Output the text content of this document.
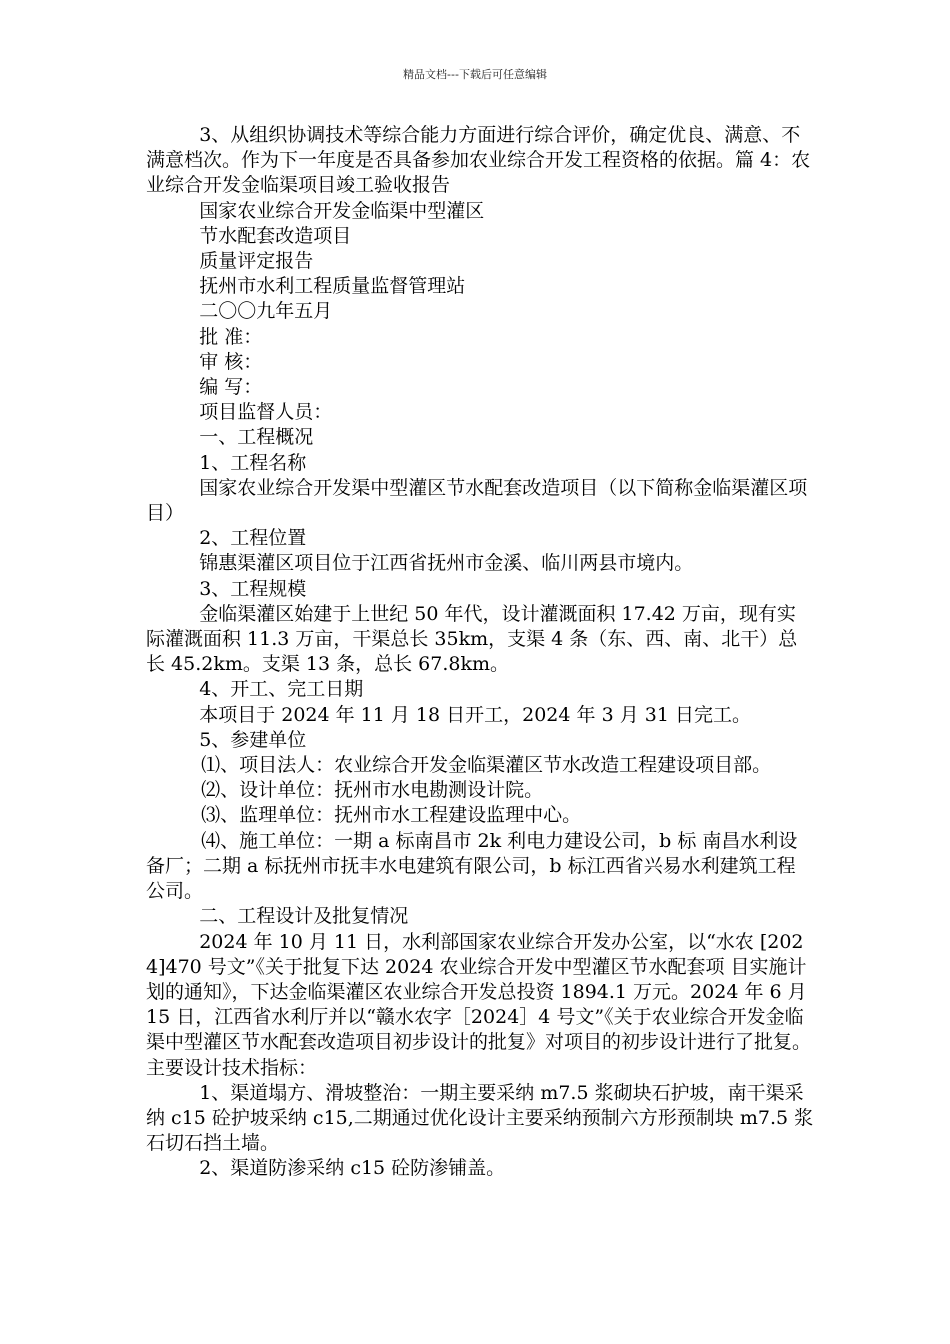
精品文档---下载后可任意编辑

3、从组织协调技术等综合能力方面进行综合评价，确定优良、满意、不满意档次。作为下一年度是否具备参加农业综合开发工程资格的依据。篇 4：农业综合开发金临渠项目竣工验收报告

国家农业综合开发金临渠中型灌区

节水配套改造项目

质量评定报告

抚州市水利工程质量监督管理站

二〇〇九年五月

批 准：

审 核：

编 写：

项目监督人员：

一、工程概况

1、工程名称

国家农业综合开发渠中型灌区节水配套改造项目（以下简称金临渠灌区项目）

2、工程位置

锦惠渠灌区项目位于江西省抚州市金溪、临川两县市境内。

3、工程规模

金临渠灌区始建于上世纪 50 年代，设计灌溉面积 17.42 万亩，现有实际灌溉面积 11.3 万亩，干渠总长 35km，支渠 4 条（东、西、南、北干）总长 45.2km。支渠 13 条，总长 67.8km。

4、开工、完工日期

本项目于 2024 年 11 月 18 日开工，2024 年 3 月 31 日完工。

5、参建单位

⑴、项目法人：农业综合开发金临渠灌区节水改造工程建设项目部。

⑵、设计单位：抚州市水电勘测设计院。

⑶、监理单位：抚州市水工程建设监理中心。

⑷、施工单位：一期 a 标南昌市 2k 利电力建设公司，b 标 南昌水利设备厂；二期 a 标抚州市抚丰水电建筑有限公司，b 标江西省兴易水利建筑工程公司。

二、工程设计及批复情况

2024 年 10 月 11 日，水利部国家农业综合开发办公室，以“水农 [2024]470 号文”《关于批复下达 2024 农业综合开发中型灌区节水配套项 目实施计划的通知》，下达金临渠灌区农业综合开发总投资 1894.1 万元。2024 年 6 月 15 日，江西省水利厅并以“赣水农字［2024］4 号文”《关于农业综合开发金临渠中型灌区节水配套改造项目初步设计的批复》对项目的初步设计进行了批复。 主要设计技术指标：

1、渠道塌方、滑坡整治：一期主要采纳 m7.5 浆砌块石护坡，南干渠采纳 c15 砼护坡采纳 c15,二期通过优化设计主要采纳预制六方形预制块 m7.5 浆石切石挡土墙。

2、渠道防渗采纳 c15 砼防渗铺盖。
